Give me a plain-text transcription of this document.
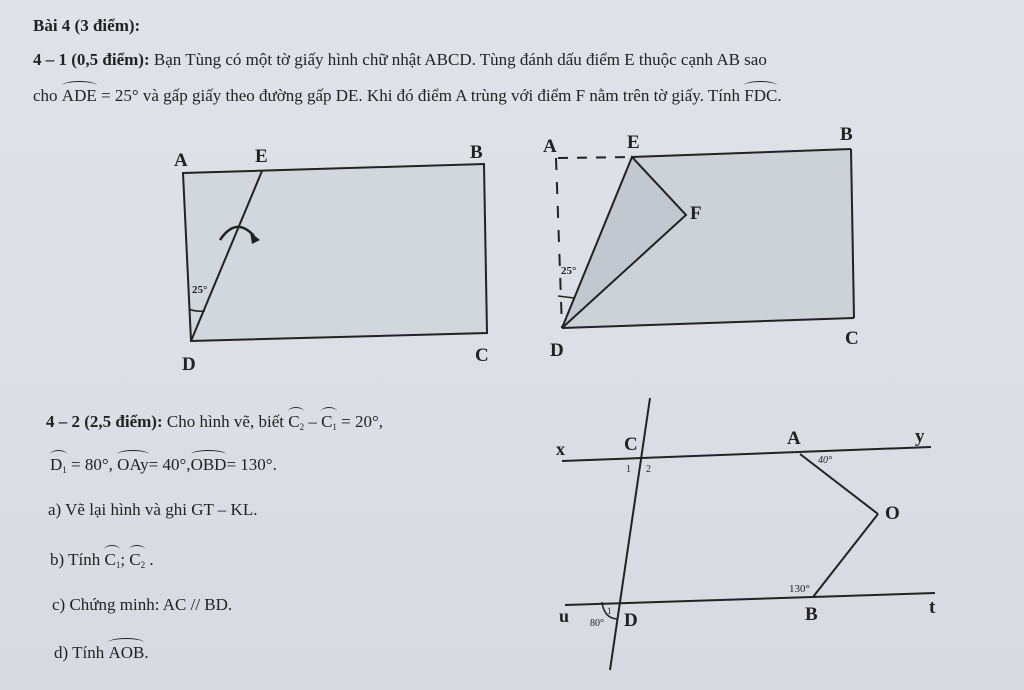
Bài 4 (3 điểm):
4 – 1 (0,5 điểm): Bạn Tùng có một tờ giấy hình chữ nhật ABCD. Tùng đánh dấu điểm E thuộc cạnh AB sao
cho ADE = 25° và gấp giấy theo đường gấp DE. Khi đó điểm A trùng với điểm F nằm trên tờ giấy. Tính FDC.
A	E	B
D	C
25°
A	E	B
F
D
C
25°
x	C	A	y
1 2
40°
O
130°
u 80° D
1	B	t
4 – 2 (2,5 điểm): Cho hình vẽ, biết $C_2 - C_1 = 20^\circ$,
$D_1 = 80^\circ$, OAy= 40°,OBD= 130°.
a) Vẽ lại hình và ghi GT – KL.
b) Tính $C_1$; $C_2$ .
c) Chứng minh: AC // BD.
d) Tính AOB.
